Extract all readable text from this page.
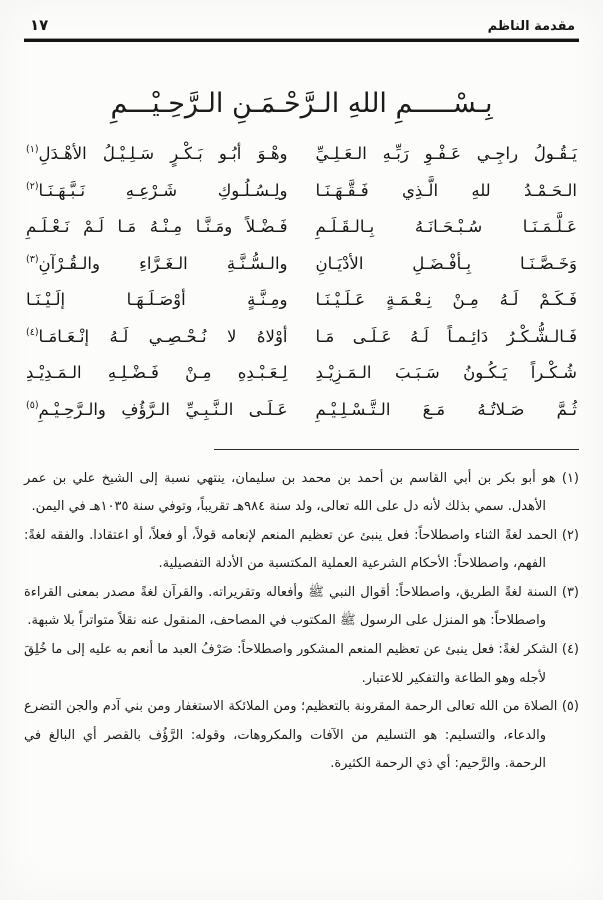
مقدمة الناظم
١٧
بِـسْـــــمِ اللهِ الـرَّحْـمَـنِ الـرَّحِـيْـــمِ
يَـقُـولُ راجِـي عَـفْـوِ رَبِّـهِ الـعَـلِـيِّ
وهْـوَ أبُـو بَـكْـرٍ سَـلِـيْـلُ الأهْـدَلِ$^{(١)}$
الـحَـمْـدُ للهِ الَّـذِي فَـقَّـهَـنَـا
ولِـسُـلُـوكِ شَـرْعِـهِ نَـبَّـهَـنَـا$^{(٢)}$
عَـلَّـمَـنَـا سُـبْـحَـانَـهُ بِـالـقَـلَـمِ
فَـضْـلاً ومَـنَّـا مِـنْـهُ مَـا لَـمْ نَـعْـلَـمِ
وَخَـصَّـنَـا بِـأفْـضَـلِ الأدْيَـانِ
والـسُّـنَّـةِ الـغَـرَّاءِ والـقُـرْآنِ$^{(٣)}$
فَـكَـمْ لَـهُ مِـنْ نِـعْـمَـةٍ عَـلَـيْـنَـا
ومِـنَّـةٍ أوْصَـلَـهَـا إلَـيْـنَـا
فَـالـشُّـكْـرُ دَائِـمـاً لَـهُ عَـلَـى مَـا
أوْلاهُ لا نُـحْـصِـي لَـهُ إنْـعَـامَـا$^{(٤)}$
شُـكْـراً يَـكُـونُ سَـبَـبَ الـمَـزِيْـدِ
لِـعَـبْـدِهِ مِـنْ فَـضْـلِـهِ الـمَـدِيْـدِ
ثُـمَّ صَـلاتُـهُ مَـعَ الـتَّـسْـلِـيْـمِ
عَـلَـى الـنَّـبِـيِّ الـرَّؤُفِ والـرَّحِـيْـمِ$^{(٥)}$

(١) هو أبو بكر بن أبي القاسم بن أحمد بن محمد بن سليمان، ينتهي نسبة إلى الشيخ علي بن عمر الأهدل. سمي بذلك لأنه دل على الله تعالى، ولد سنة ٩٨٤هـ تقريباً، وتوفي سنة ١٠٣٥هـ في اليمن.

(٢) الحمد لغةً الثناء واصطلاحاً: فعل ينبئ عن تعظيم المنعم لإنعامه قولاً، أو فعلاً، أو اعتقادا. والفقه لغةً: الفهم، واصطلاحاً: الأحكام الشرعية العملية المكتسبة من الأدلة التفصيلية.

(٣) السنة لغةً الطريق، واصطلاحاً: أقوال النبي ﷺ وأفعاله وتقريراته. والقرآن لغةً مصدر بمعنى القراءة واصطلاحاً: هو المنزل على الرسول ﷺ المكتوب في المصاحف، المنقول عنه نقلاً متواتراً بلا شبهة.

(٤) الشكر لغةً: فعل ينبئ عن تعظيم المنعم المشكور واصطلاحاً: صَرْفُ العبد ما أنعم به عليه إلى ما خُلِقَ لأجله وهو الطاعة والتفكير للاعتبار.

(٥) الصلاة من الله تعالى الرحمة المقرونة بالتعظيم؛ ومن الملائكة الاستغفار ومن بني آدم والجن التضرع والدعاء، والتسليم: هو التسليم من الآفات والمكروهات، وقوله: الرَّؤُف بالقصر أي البالغ في الرحمة. والرَّحيم: أي ذي الرحمة الكثيرة.
